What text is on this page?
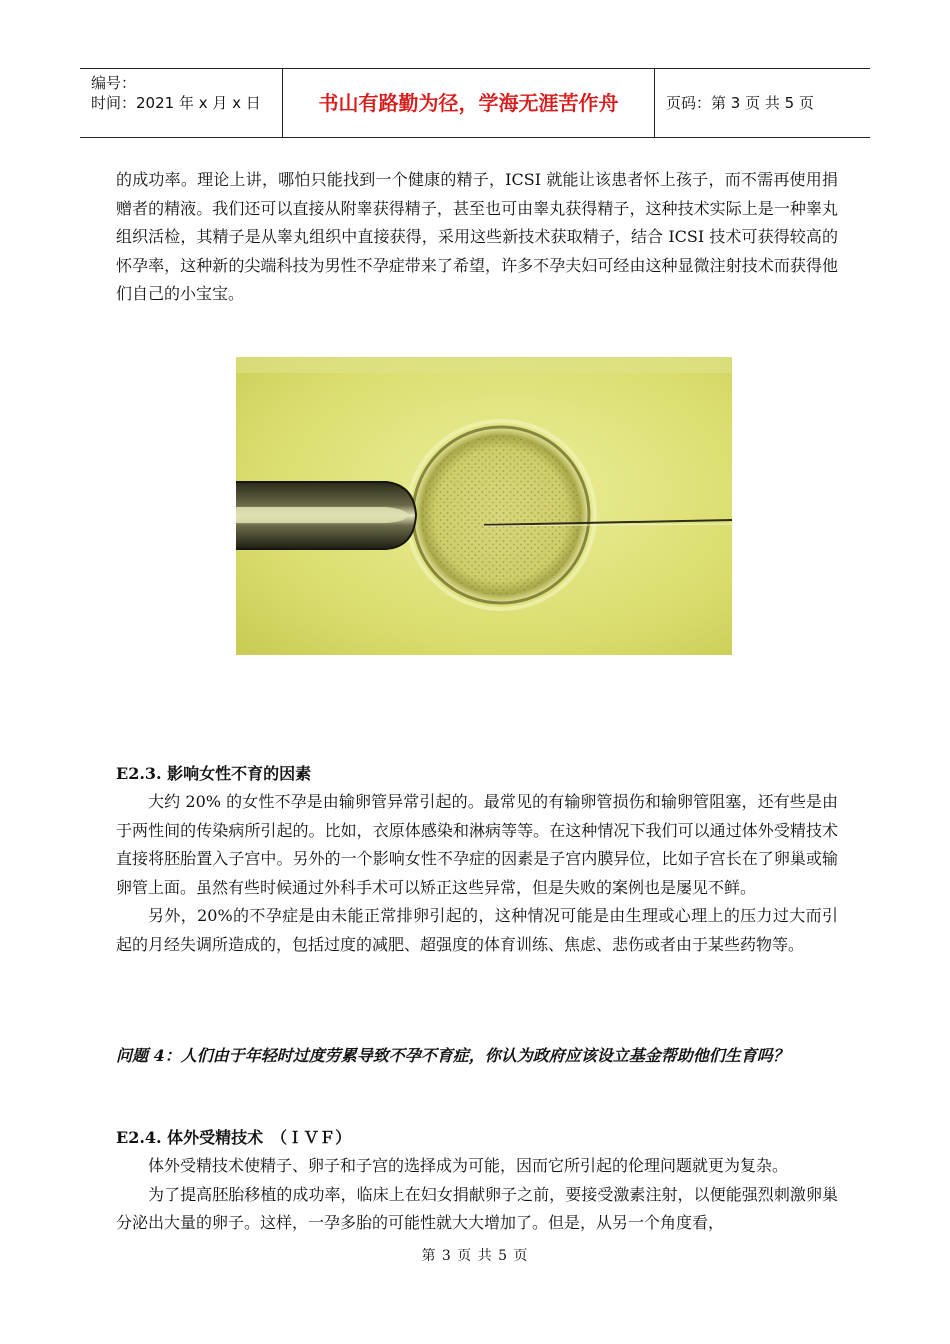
编号：
时间：2021 年 x 月 x 日	书山有路勤为径，学海无涯苦作舟	页码：第 3 页 共 5 页

的成功率。理论上讲，哪怕只能找到一个健康的精子，ICSI 就能让该患者怀上孩子，而不需再使用捐赠者的精液。我们还可以直接从附睾获得精子，甚至也可由睾丸获得精子，这种技术实际上是一种睾丸组织活检，其精子是从睾丸组织中直接获得，采用这些新技术获取精子，结合 ICSI 技术可获得较高的怀孕率，这种新的尖端科技为男性不孕症带来了希望，许多不孕夫妇可经由这种显微注射技术而获得他们自己的小宝宝。

E2.3. 影响女性不育的因素

大约 20% 的女性不孕是由输卵管异常引起的。最常见的有输卵管损伤和输卵管阻塞，还有些是由于两性间的传染病所引起的。比如，衣原体感染和淋病等等。在这种情况下我们可以通过体外受精技术直接将胚胎置入子宫中。另外的一个影响女性不孕症的因素是子宫内膜异位，比如子宫长在了卵巢或输卵管上面。虽然有些时候通过外科手术可以矫正这些异常，但是失败的案例也是屡见不鲜。

另外，20%的不孕症是由未能正常排卵引起的，这种情况可能是由生理或心理上的压力过大而引起的月经失调所造成的，包括过度的减肥、超强度的体育训练、焦虑、悲伤或者由于某些药物等。

问题 4：人们由于年轻时过度劳累导致不孕不育症，你认为政府应该设立基金帮助他们生育吗？
E2.4. 体外受精技术　（ＩＶＦ）

体外受精技术使精子、卵子和子宫的选择成为可能，因而它所引起的伦理问题就更为复杂。

为了提高胚胎移植的成功率，临床上在妇女捐献卵子之前，要接受激素注射，以便能强烈刺激卵巢分泌出大量的卵子。这样，一孕多胎的可能性就大大增加了。但是，从另一个角度看，

第 3 页 共 5 页
